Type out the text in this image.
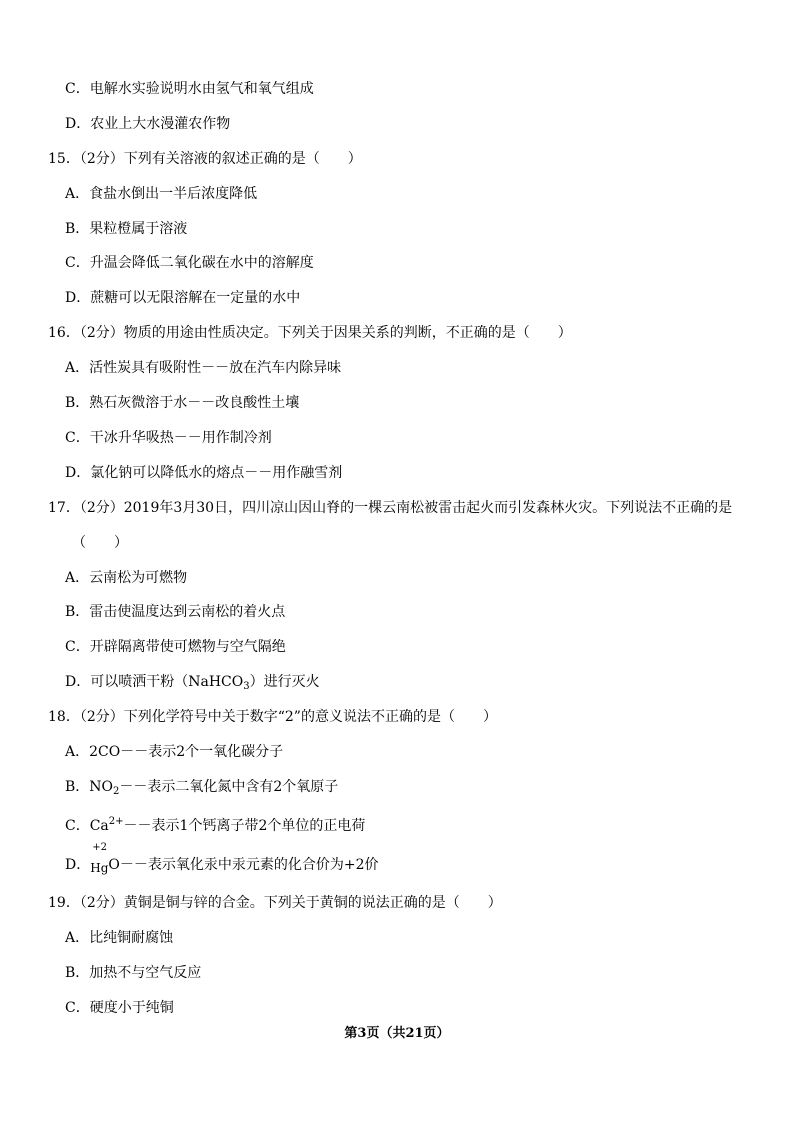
C．电解水实验说明水由氢气和氧气组成
D．农业上大水漫灌农作物
15．（2分）下列有关溶液的叙述正确的是（　　）
A．食盐水倒出一半后浓度降低
B．果粒橙属于溶液
C．升温会降低二氧化碳在水中的溶解度
D．蔗糖可以无限溶解在一定量的水中
16．（2分）物质的用途由性质决定。下列关于因果关系的判断，不正确的是（　　）
A．活性炭具有吸附性－－放在汽车内除异味
B．熟石灰微溶于水－－改良酸性土壤
C．干冰升华吸热－－用作制冷剂
D．氯化钠可以降低水的熔点－－用作融雪剂
17．（2分）2019年3月30日，四川凉山因山脊的一棵云南松被雷击起火而引发森林火灾。下列说法不正确的是
（　　）
A．云南松为可燃物
B．雷击使温度达到云南松的着火点
C．开辟隔离带使可燃物与空气隔绝
D．可以喷洒干粉（NaHCO$_3$）进行灭火
18．（2分）下列化学符号中关于数字“2”的意义说法不正确的是（　　）
A．2CO－－表示2个一氧化碳分子
B．$NO_2--$表示二氧化氮中含有2个氧原子
C．$Ca^{2+}--$表示1个钙离子带2个单位的正电荷
D．
+2
HgO－－表示氧化汞中汞元素的化合价为+2价
19．（2分）黄铜是铜与锌的合金。下列关于黄铜的说法正确的是（　　）
A．比纯铜耐腐蚀
B．加热不与空气反应
C．硬度小于纯铜
第3页（共21页）
